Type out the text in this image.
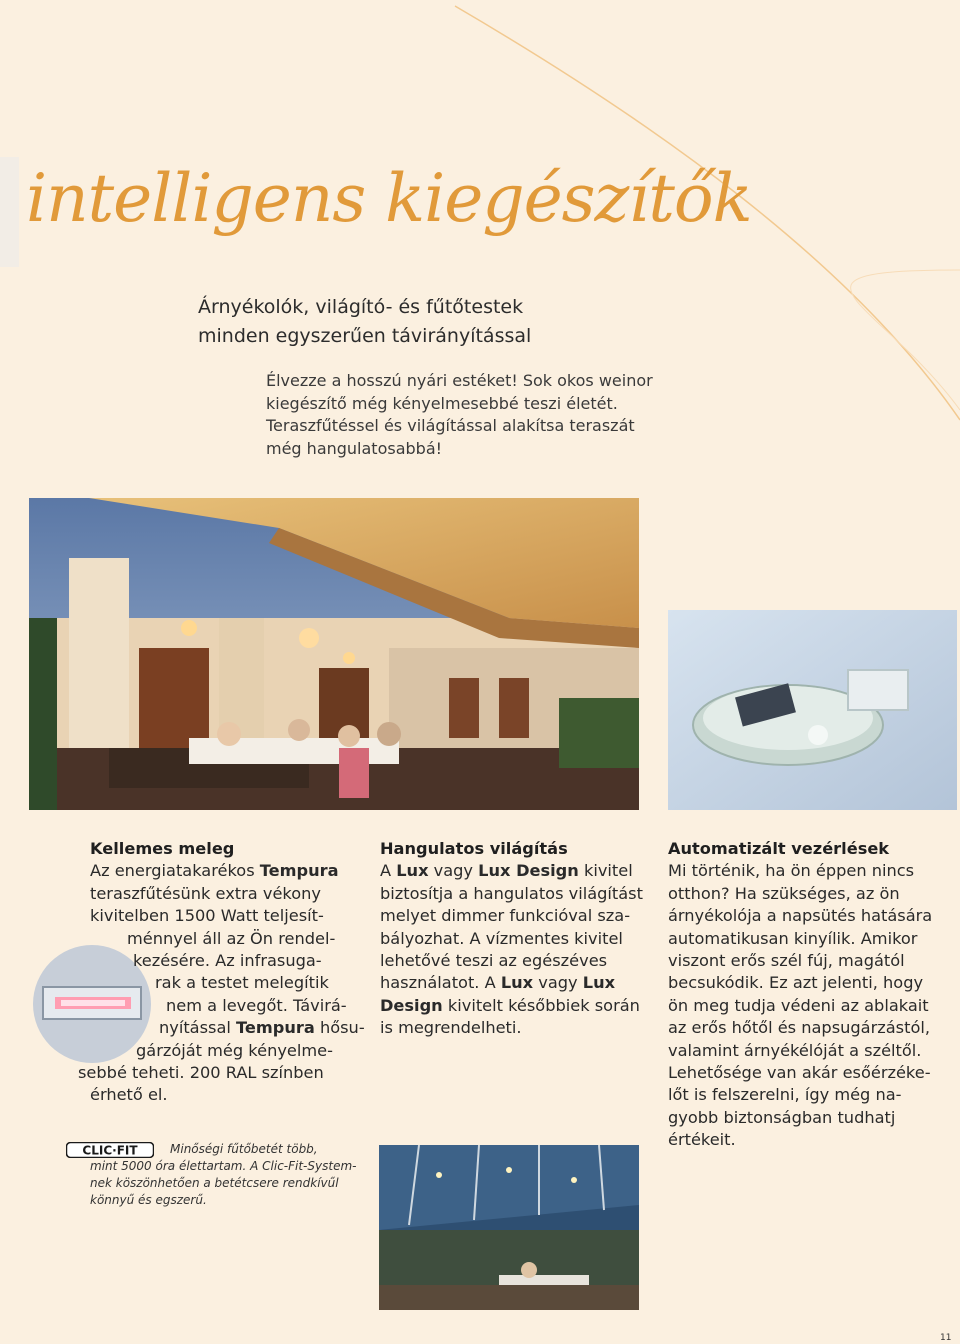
intelligens kiegészítők
Árnyékolók, világító- és fűtőtestek
minden egyszerűen távirányítással
Élvezze a hosszú nyári estéket! Sok okos weinor
kiegészítő még kényelmesebbé teszi életét.
Teraszfűtéssel és világítással alakítsa teraszát
még hangulatosabbá!
Kellemes meleg
Az energiatakarékos Tempura
teraszfűtésünk extra vékony
kivitelben 1500 Watt teljesít-
ménnyel áll az Ön rendel-
kezésére. Az infrasuga-
rak a testet melegítik
nem a levegőt. Távirá-
nyítással Tempura hősu-
gárzóját még kényelme-
sebbé teheti. 200 RAL színben
érhető el.
Hangulatos világítás
A Lux vagy Lux Design kivitel
biztosítja a hangulatos világítást
melyet dimmer funkcióval sza-
bályozhat. A vízmentes kivitel
lehetővé teszi az egészéves
használatot. A Lux vagy Lux
Design kivitelt későbbiek során
is megrendelheti.
Automatizált vezérlések
Mi történik, ha ön éppen nincs
otthon? Ha szükséges, az ön
árnyékolója a napsütés hatására
automatikusan kinyílik. Amikor
viszont erős szél fúj, magától
becsukódik. Ez azt jelenti, hogy
ön meg tudja védeni az ablakait
az erős hőtől és napsugárzástól,
valamint árnyékélóját a széltől.
Lehetősége van akár esőérzéke-
lőt is felszerelni, így még na-
gyobb biztonságban tudhatj
értékeit.
CLIC·FIT	Minőségi fűtőbetét több,
mint 5000 óra élettartam. A Clic-Fit-System-
nek köszönhetően a betétcsere rendkívűl
könnyű és egszerű.
11
